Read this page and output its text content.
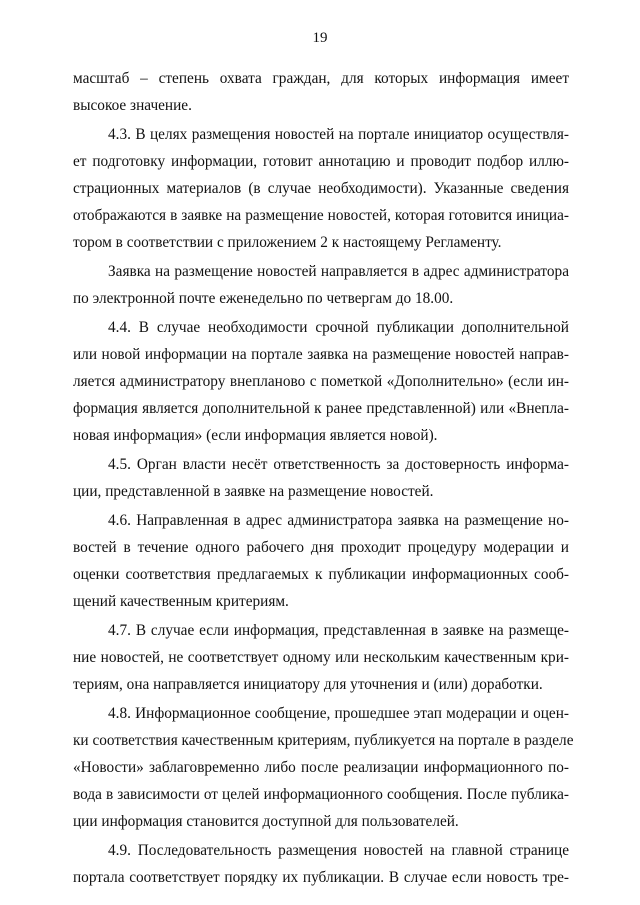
19
масштаб – степень охвата граждан, для которых информация имеет
высокое значение.
4.3. В целях размещения новостей на портале инициатор осуществля-
ет подготовку информации, готовит аннотацию и проводит подбор иллю-
страционных материалов (в случае необходимости). Указанные сведения
отображаются в заявке на размещение новостей, которая готовится инициа-
тором в соответствии с приложением 2 к настоящему Регламенту.
Заявка на размещение новостей направляется в адрес администратора
по электронной почте еженедельно по четвергам до 18.00.
4.4. В случае необходимости срочной публикации дополнительной
или новой информации на портале заявка на размещение новостей направ-
ляется администратору внепланово с пометкой «Дополнительно» (если ин-
формация является дополнительной к ранее представленной) или «Внепла-
новая информация» (если информация является новой).
4.5. Орган власти несёт ответственность за достоверность информа-
ции, представленной в заявке на размещение новостей.
4.6. Направленная в адрес администратора заявка на размещение но-
востей в течение одного рабочего дня проходит процедуру модерации и
оценки соответствия предлагаемых к публикации информационных сооб-
щений качественным критериям.
4.7. В случае если информация, представленная в заявке на размеще-
ние новостей, не соответствует одному или нескольким качественным кри-
териям, она направляется инициатору для уточнения и (или) доработки.
4.8. Информационное сообщение, прошедшее этап модерации и оцен-
ки соответствия качественным критериям, публикуется на портале в разделе
«Новости» заблаговременно либо после реализации информационного по-
вода в зависимости от целей информационного сообщения. После публика-
ции информация становится доступной для пользователей.
4.9. Последовательность размещения новостей на главной странице
портала соответствует порядку их публикации. В случае если новость тре-
